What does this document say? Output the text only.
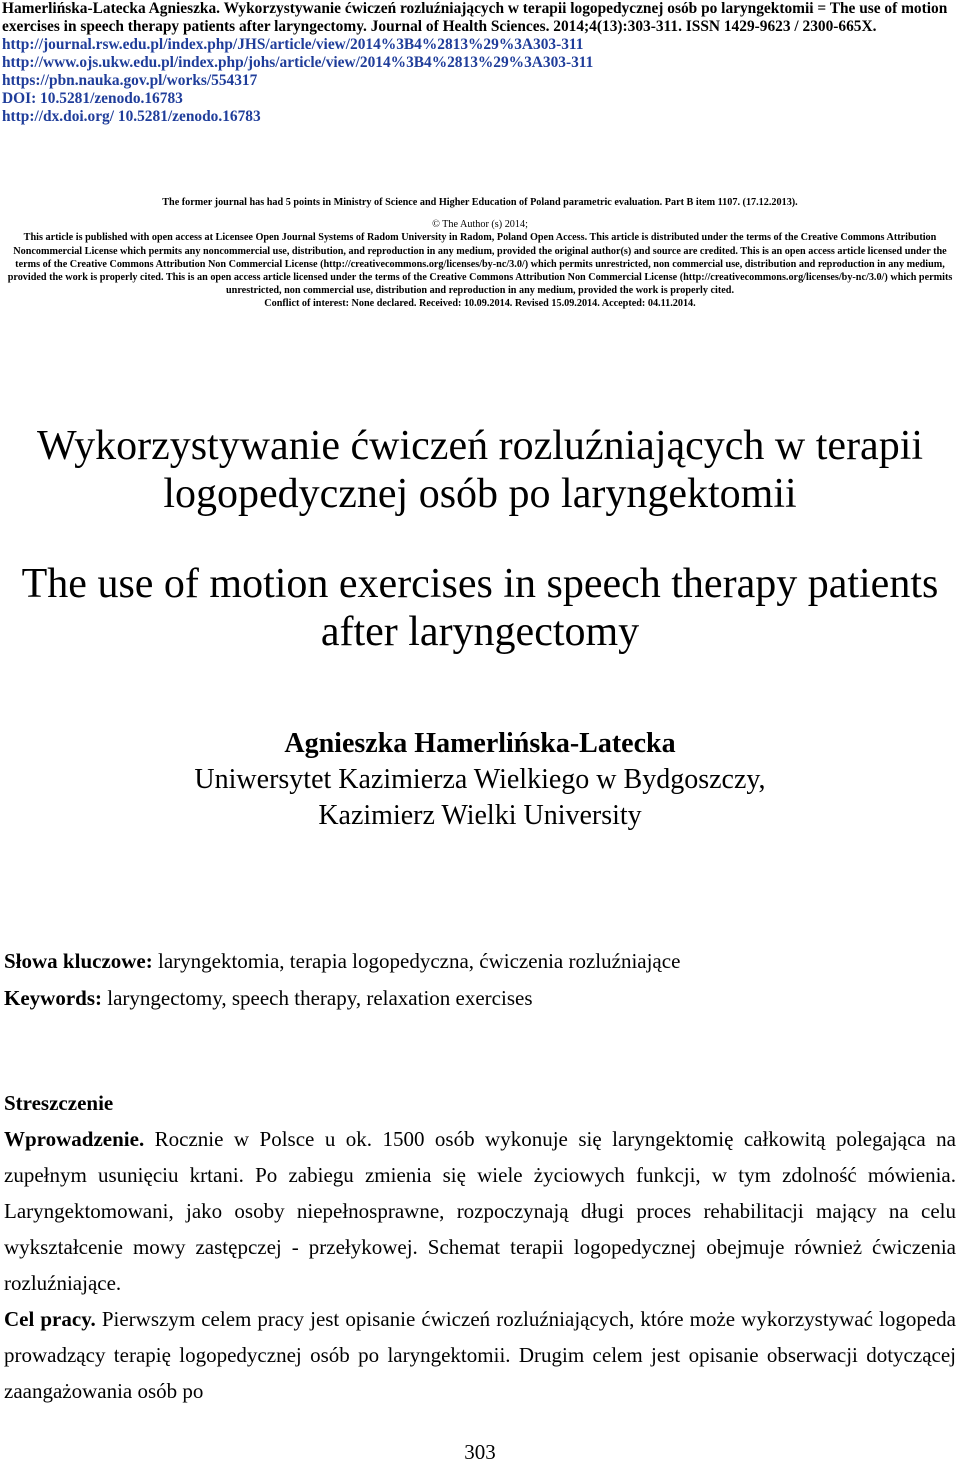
Hamerlińska-Latecka Agnieszka. Wykorzystywanie ćwiczeń rozluźniających w terapii logopedycznej osób po laryngektomii = The use of motion exercises in speech therapy patients after laryngectomy. Journal of Health Sciences. 2014;4(13):303-311. ISSN 1429-9623 / 2300-665X.
http://journal.rsw.edu.pl/index.php/JHS/article/view/2014%3B4%2813%29%3A303-311
http://www.ojs.ukw.edu.pl/index.php/johs/article/view/2014%3B4%2813%29%3A303-311
https://pbn.nauka.gov.pl/works/554317
DOI: 10.5281/zenodo.16783
http://dx.doi.org/ 10.5281/zenodo.16783

The former journal has had 5 points in Ministry of Science and Higher Education of Poland parametric evaluation. Part B item 1107. (17.12.2013).

© The Author (s) 2014;

This article is published with open access at Licensee Open Journal Systems of Radom University in Radom, Poland Open Access. This article is distributed under the terms of the Creative Commons Attribution Noncommercial License which permits any noncommercial use, distribution, and reproduction in any medium, provided the original author(s) and source are credited. This is an open access article licensed under the terms of the Creative Commons Attribution Non Commercial License (http://creativecommons.org/licenses/by-nc/3.0/) which permits unrestricted, non commercial use, distribution and reproduction in any medium, provided the work is properly cited. This is an open access article licensed under the terms of the Creative Commons Attribution Non Commercial License (http://creativecommons.org/licenses/by-nc/3.0/) which permits unrestricted, non commercial use, distribution and reproduction in any medium, provided the work is properly cited.

Conflict of interest: None declared. Received: 10.09.2014. Revised 15.09.2014. Accepted: 04.11.2014.

Wykorzystywanie ćwiczeń rozluźniających w terapii logopedycznej osób po laryngektomii
The use of motion exercises in speech therapy patients after laryngectomy
Agnieszka Hamerlińska-Latecka
Uniwersytet Kazimierza Wielkiego w Bydgoszczy,
Kazimierz Wielki University
Słowa kluczowe: laryngektomia, terapia logopedyczna, ćwiczenia rozluźniające
Keywords: laryngectomy, speech therapy, relaxation exercises
Streszczenie

Wprowadzenie. Rocznie w Polsce u ok. 1500 osób wykonuje się laryngektomię całkowitą polegająca na zupełnym usunięciu krtani. Po zabiegu zmienia się wiele życiowych funkcji, w tym zdolność mówienia. Laryngektomowani, jako osoby niepełnosprawne, rozpoczynają długi proces rehabilitacji mający na celu wykształcenie mowy zastępczej - przełykowej. Schemat terapii logopedycznej obejmuje również ćwiczenia rozluźniające.

Cel pracy. Pierwszym celem pracy jest opisanie ćwiczeń rozluźniających, które może wykorzystywać logopeda prowadzący terapię logopedycznej osób po laryngektomii. Drugim celem jest opisanie obserwacji dotyczącej zaangażowania osób po

303
